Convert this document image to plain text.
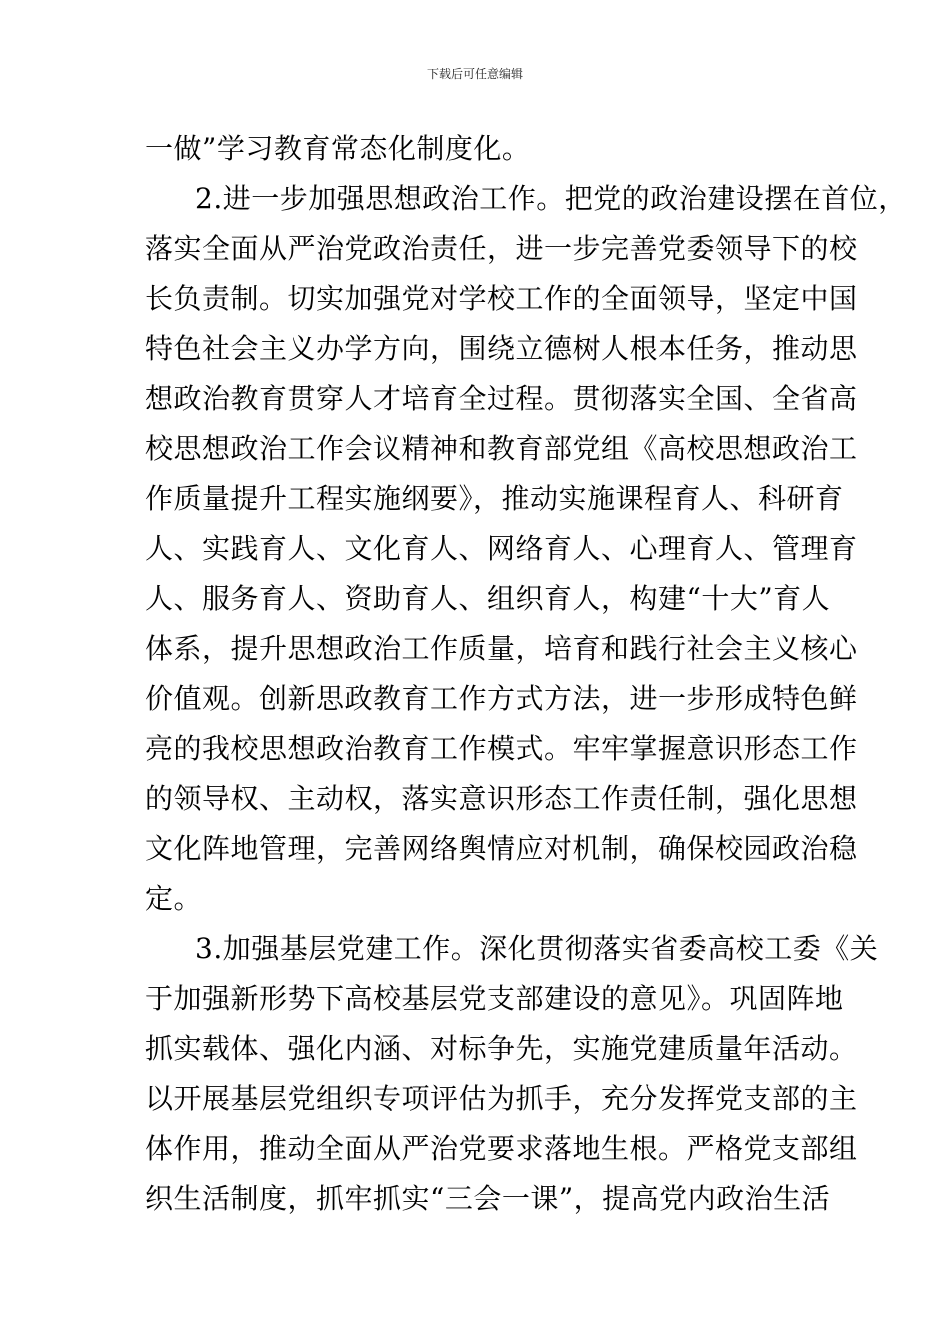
下载后可任意编辑
一做”学习教育常态化制度化。
2.进一步加强思想政治工作。把党的政治建设摆在首位，
落实全面从严治党政治责任，进一步完善党委领导下的校
长负责制。切实加强党对学校工作的全面领导，坚定中国
特色社会主义办学方向，围绕立德树人根本任务，推动思
想政治教育贯穿人才培育全过程。贯彻落实全国、全省高
校思想政治工作会议精神和教育部党组《高校思想政治工
作质量提升工程实施纲要》，推动实施课程育人、科研育
人、实践育人、文化育人、网络育人、心理育人、管理育
人、服务育人、资助育人、组织育人，构建“十大”育人
体系，提升思想政治工作质量，培育和践行社会主义核心
价值观。创新思政教育工作方式方法，进一步形成特色鲜
亮的我校思想政治教育工作模式。牢牢掌握意识形态工作
的领导权、主动权，落实意识形态工作责任制，强化思想
文化阵地管理，完善网络舆情应对机制，确保校园政治稳
定。
3.加强基层党建工作。深化贯彻落实省委高校工委《关
于加强新形势下高校基层党支部建设的意见》。巩固阵地
抓实载体、强化内涵、对标争先，实施党建质量年活动。
以开展基层党组织专项评估为抓手，充分发挥党支部的主
体作用，推动全面从严治党要求落地生根。严格党支部组
织生活制度，抓牢抓实“三会一课”，提高党内政治生活
